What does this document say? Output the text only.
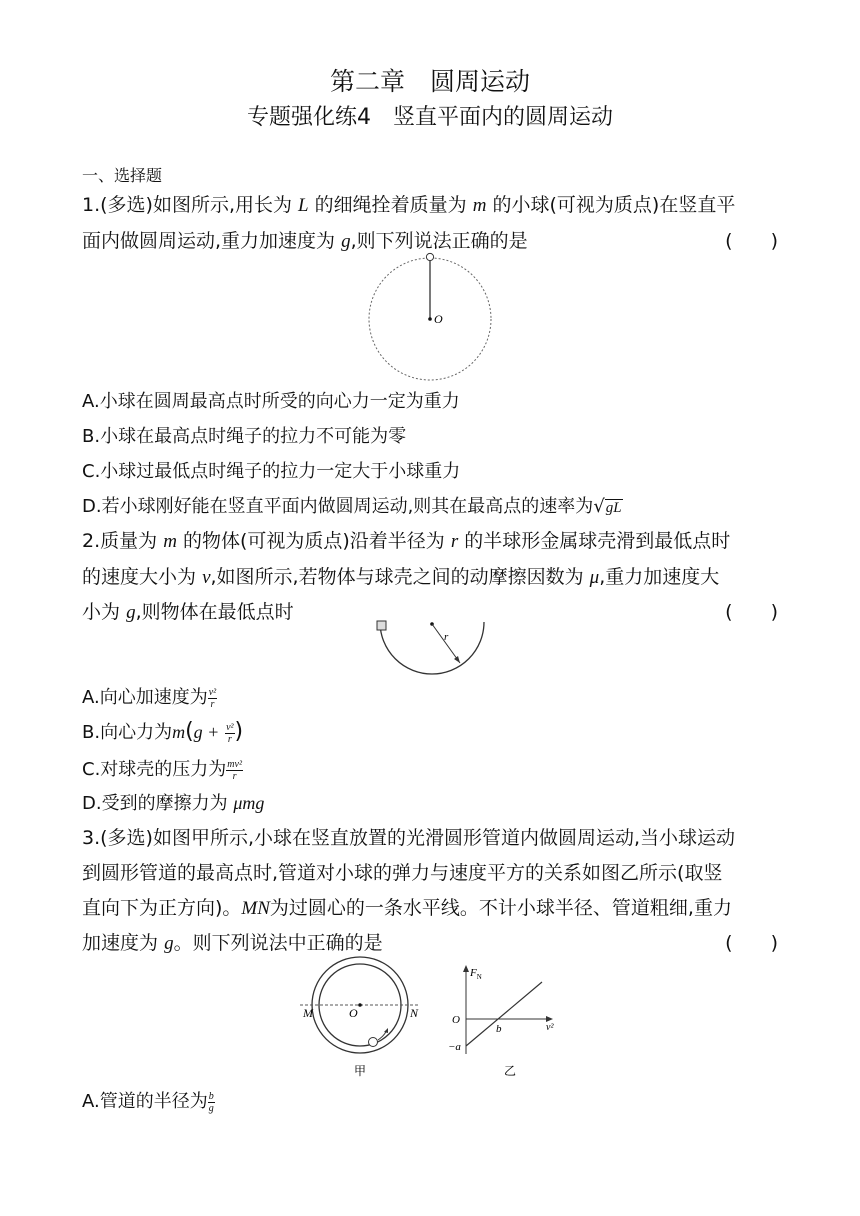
第二章　圆周运动
专题强化练4　竖直平面内的圆周运动
一、选择题
1.(多选)如图所示,用长为 L 的细绳拴着质量为 m 的小球(可视为质点)在竖直平
面内做圆周运动,重力加速度为 g,则下列说法正确的是	(　　)
O
A.小球在圆周最高点时所受的向心力一定为重力
B.小球在最高点时绳子的拉力不可能为零
C.小球过最低点时绳子的拉力一定大于小球重力
D.若小球刚好能在竖直平面内做圆周运动,则其在最高点的速率为√gL
2.质量为 m 的物体(可视为质点)沿着半径为 r 的半球形金属球壳滑到最低点时
的速度大小为 v,如图所示,若物体与球壳之间的动摩擦因数为 μ,重力加速度大
小为 g,则物体在最低点时	(　　)
r
A.向心加速度为 $\frac{\text{v²}}{r}$
B.向心力为$m(g + \frac{\text{v²}}{r}$ )
C.对球壳的压力为 $\frac{\text{mv²}}{r}$
D.受到的摩擦力为 μmg
3.(多选)如图甲所示,小球在竖直放置的光滑圆形管道内做圆周运动,当小球运动
到圆形管道的最高点时,管道对小球的弹力与速度平方的关系如图乙所示(取竖
直向下为正方向)。MN为过圆心的一条水平线。不计小球半径、管道粗细,重力
加速度为 g。则下列说法中正确的是	(　　)
M	O	N
甲
$F_N$
O
b	v²
−a
乙
A.管道的半径为 $\frac{b}{g}$
